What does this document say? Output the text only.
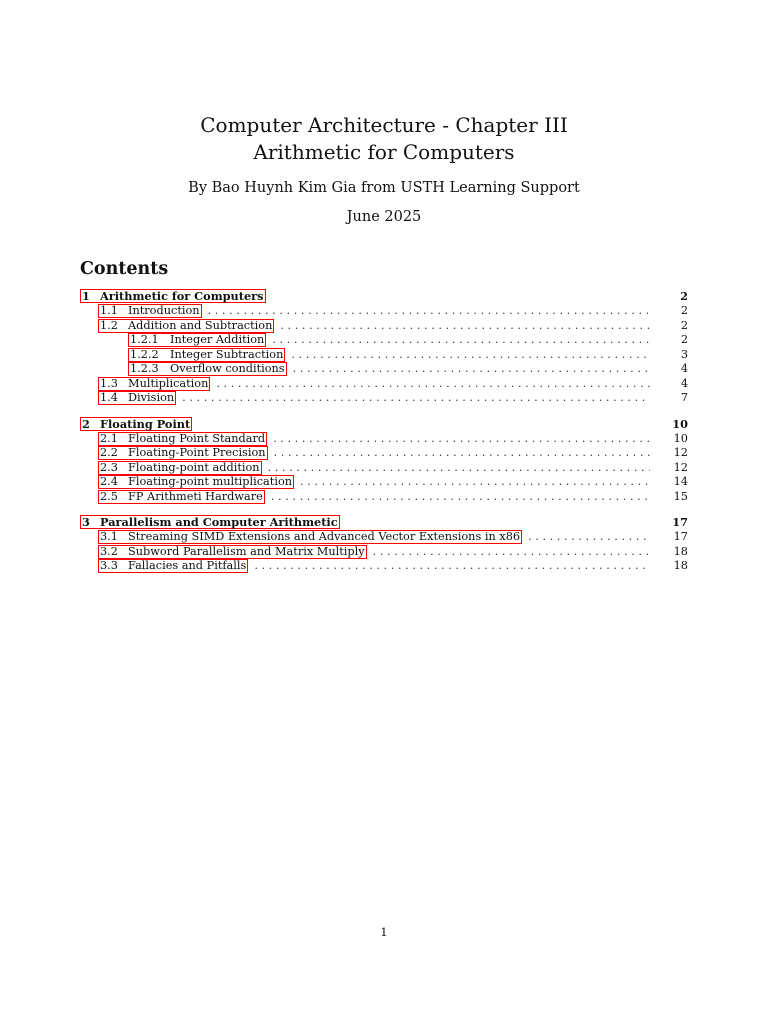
Computer Architecture - Chapter III
Arithmetic for Computers
By Bao Huynh Kim Gia from USTH Learning Support
June 2025
Contents
1 Arithmetic for Computers	2
1.1 Introduction . . .	2
1.2 Addition and Subtraction . . .	2
1.2.1 Integer Addition . . .	2
1.2.2 Integer Subtraction . . .	3
1.2.3 Overflow conditions . . .	4
1.3 Multiplication . . .	4
1.4 Division . . .	7
2 Floating Point	10
2.1 Floating Point Standard . . .	10
2.2 Floating-Point Precision . . .	12
2.3 Floating-point addition . . .	12
2.4 Floating-point multiplication . . .	14
2.5 FP Arithmeti Hardware . . .	15
3 Parallelism and Computer Arithmetic	17
3.1 Streaming SIMD Extensions and Advanced Vector Extensions in x86 . . .	17
3.2 Subword Parallelism and Matrix Multiply . . .	18
3.3 Fallacies and Pitfalls . . .	18
1
